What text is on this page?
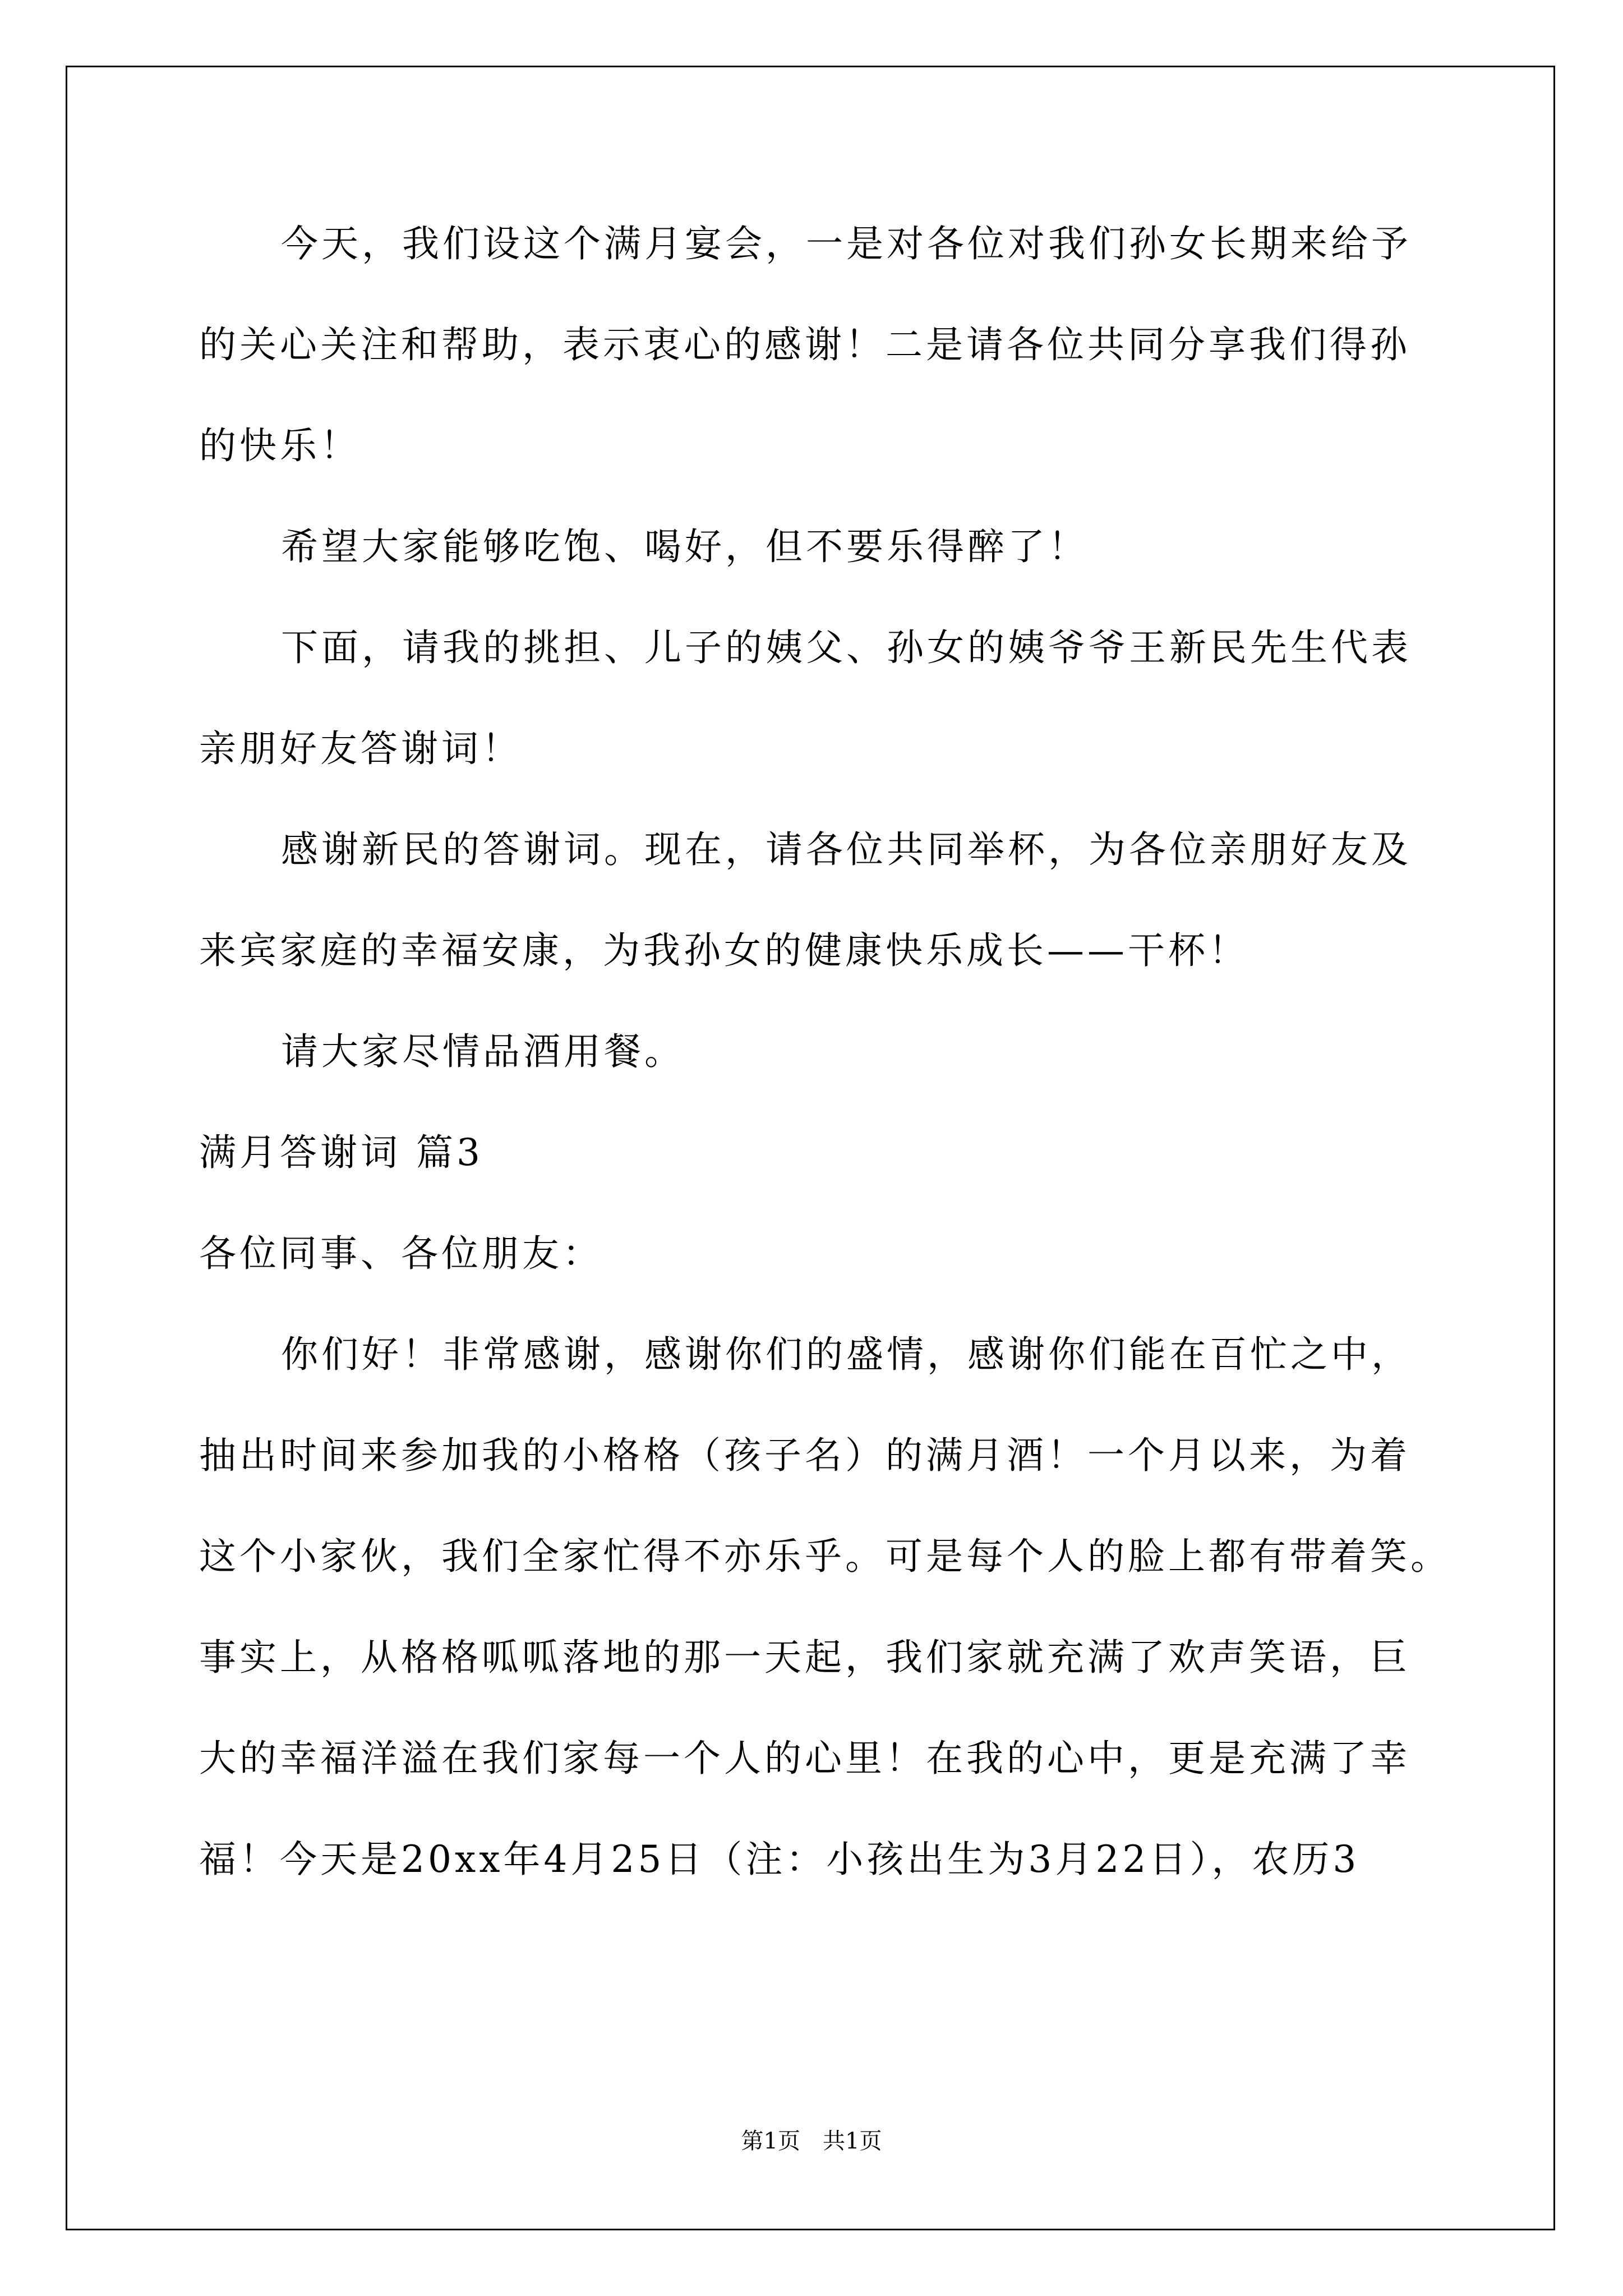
今天，我们设这个满月宴会，一是对各位对我们孙女长期来给予
的关心关注和帮助，表示衷心的感谢！二是请各位共同分享我们得孙
的快乐！
希望大家能够吃饱、喝好，但不要乐得醉了！
下面，请我的挑担、儿子的姨父、孙女的姨爷爷王新民先生代表
亲朋好友答谢词！
感谢新民的答谢词。现在，请各位共同举杯，为各位亲朋好友及
来宾家庭的幸福安康，为我孙女的健康快乐成长——干杯！
请大家尽情品酒用餐。
满月答谢词 篇3
各位同事、各位朋友：
你们好！非常感谢，感谢你们的盛情，感谢你们能在百忙之中，
抽出时间来参加我的小格格（孩子名）的满月酒！一个月以来，为着
这个小家伙，我们全家忙得不亦乐乎。可是每个人的脸上都有带着笑。
事实上，从格格呱呱落地的那一天起，我们家就充满了欢声笑语，巨
大的幸福洋溢在我们家每一个人的心里！在我的心中，更是充满了幸
福！今天是20xx年4月25日（注：小孩出生为3月22日），农历3
第1页　共1页
